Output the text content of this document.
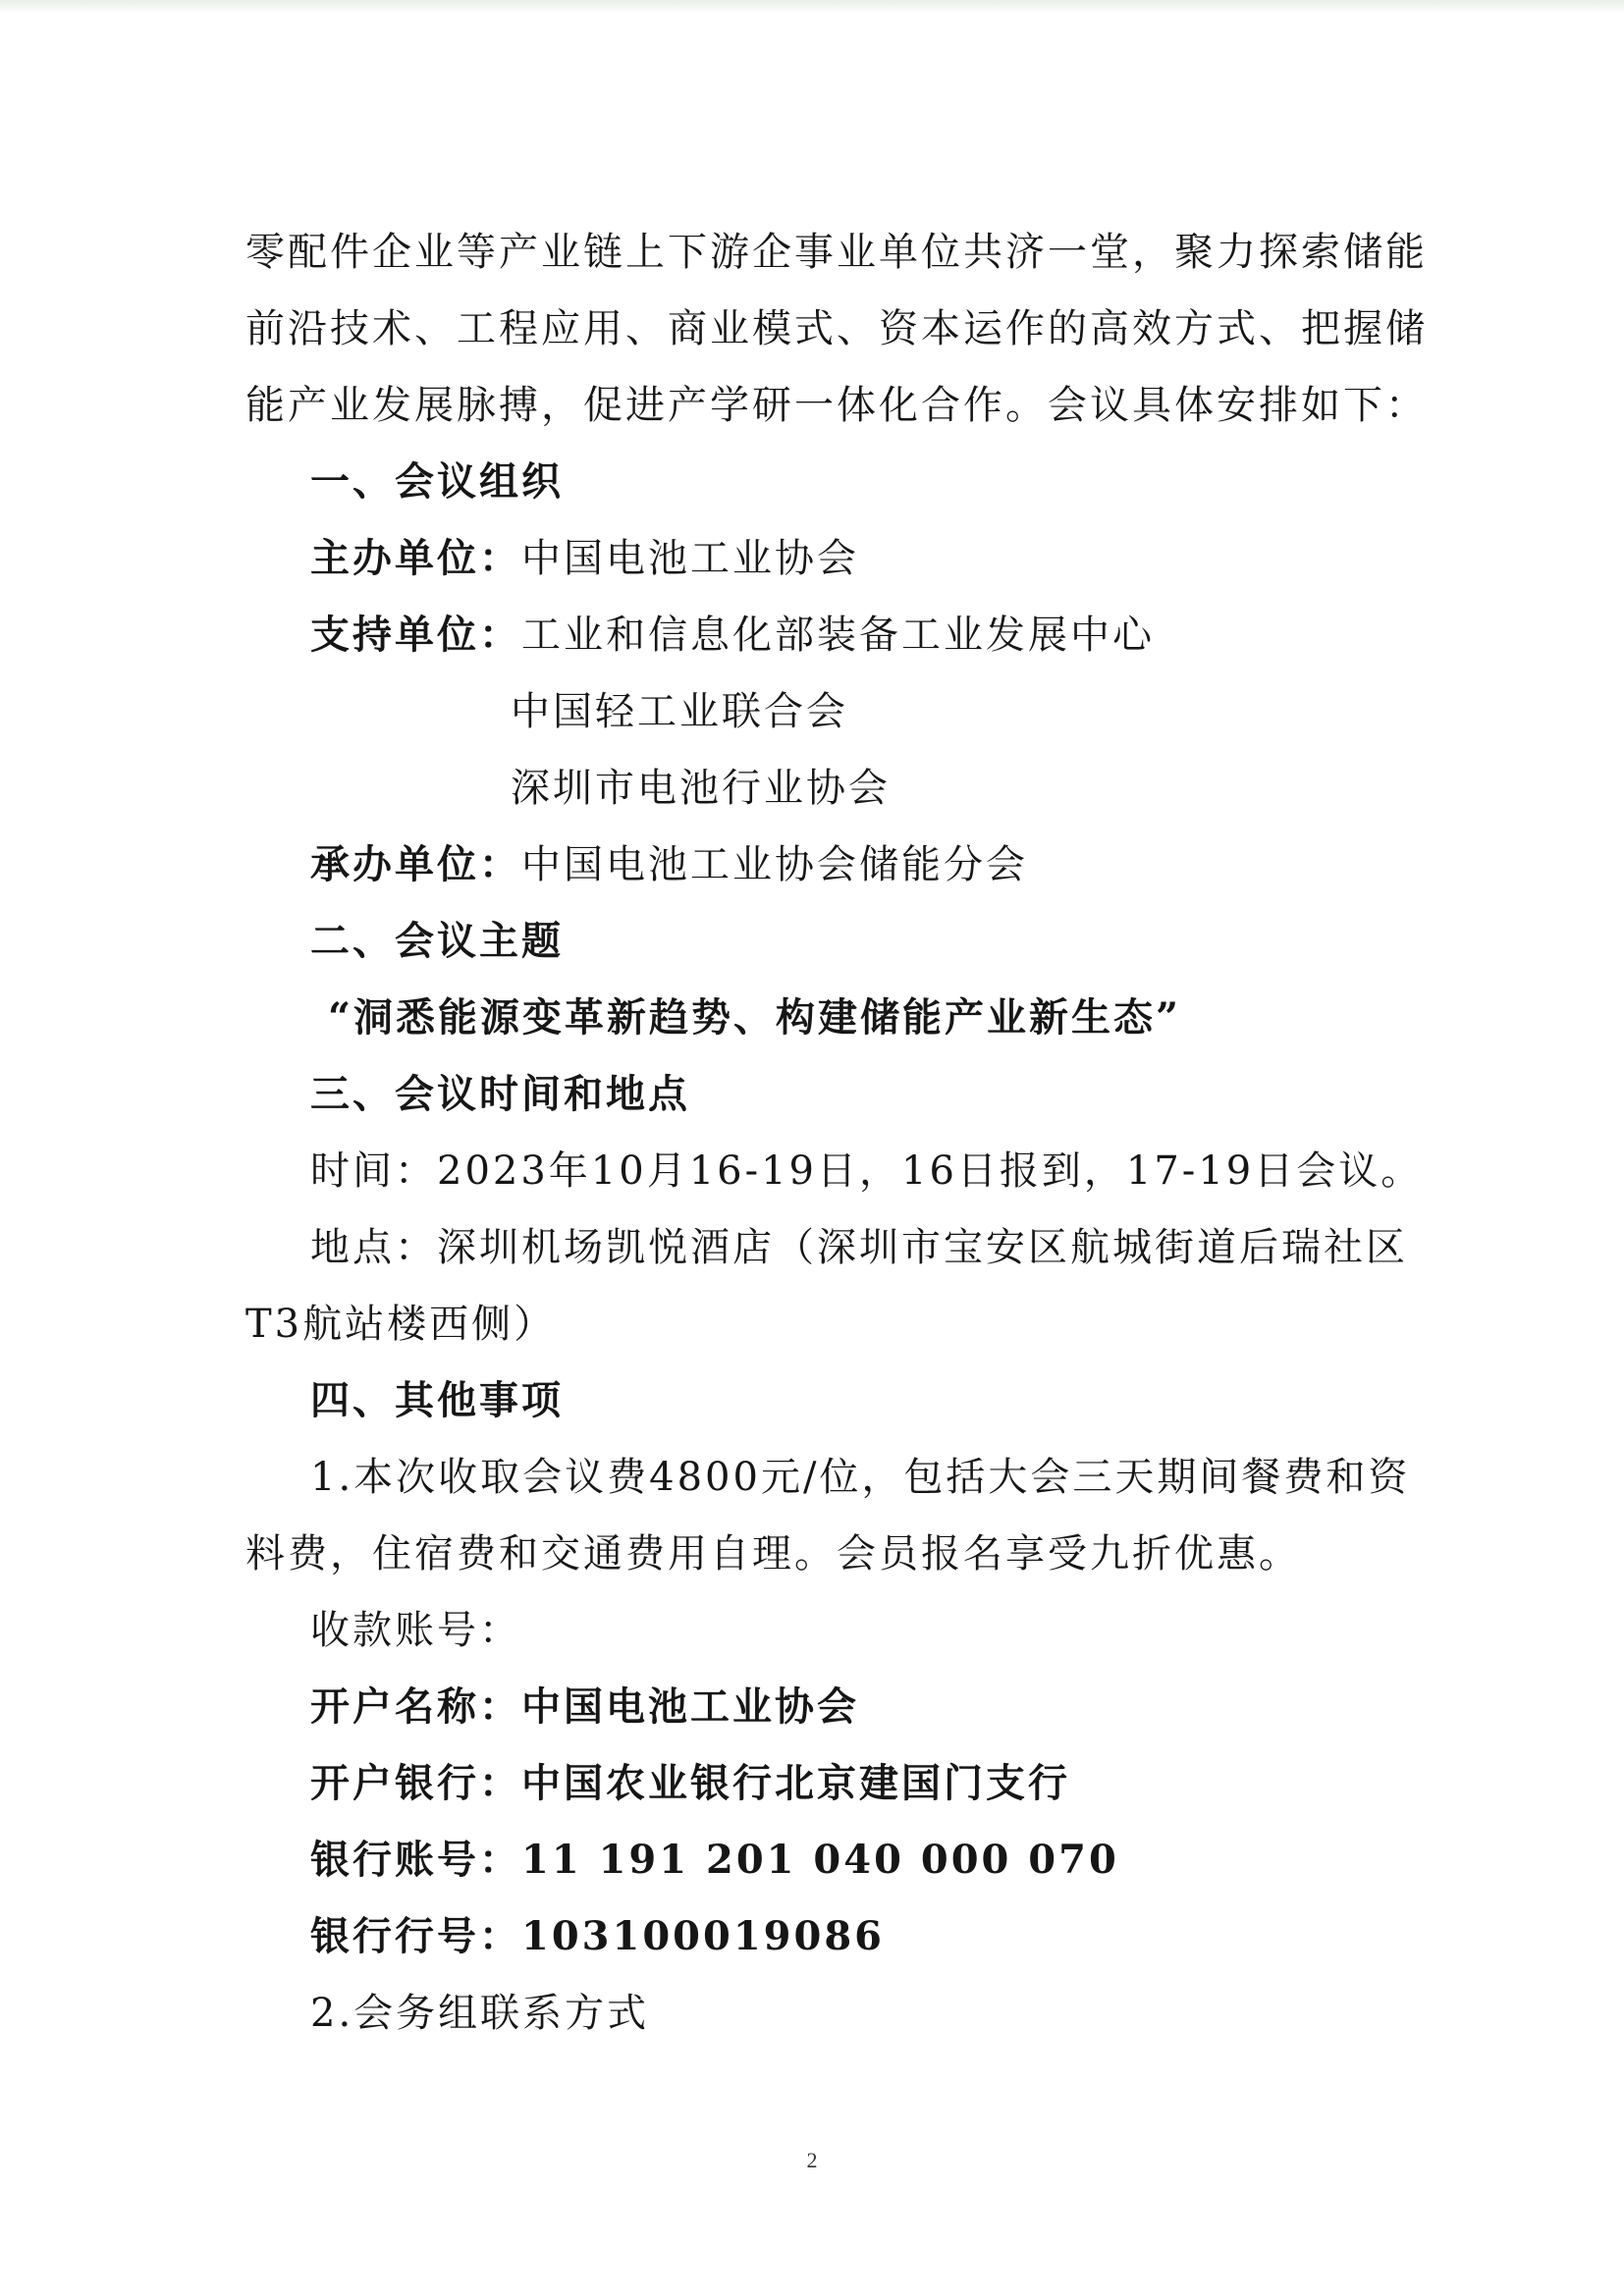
零配件企业等产业链上下游企事业单位共济一堂，聚力探索储能
前沿技术、工程应用、商业模式、资本运作的高效方式、把握储
能产业发展脉搏，促进产学研一体化合作。会议具体安排如下：
一、会议组织
主办单位：中国电池工业协会
支持单位：工业和信息化部装备工业发展中心
中国轻工业联合会
深圳市电池行业协会
承办单位：中国电池工业协会储能分会
二、会议主题
“洞悉能源变革新趋势、构建储能产业新生态”
三、会议时间和地点
时间：2023年10月16-19日，16日报到，17-19日会议。
地点：深圳机场凯悦酒店（深圳市宝安区航城街道后瑞社区
T3航站楼西侧）
四、其他事项
1.本次收取会议费4800元/位，包括大会三天期间餐费和资
料费，住宿费和交通费用自理。会员报名享受九折优惠。
收款账号：
开户名称：中国电池工业协会
开户银行：中国农业银行北京建国门支行
银行账号：11 191 201 040 000 070
银行行号：103100019086
2.会务组联系方式
2
